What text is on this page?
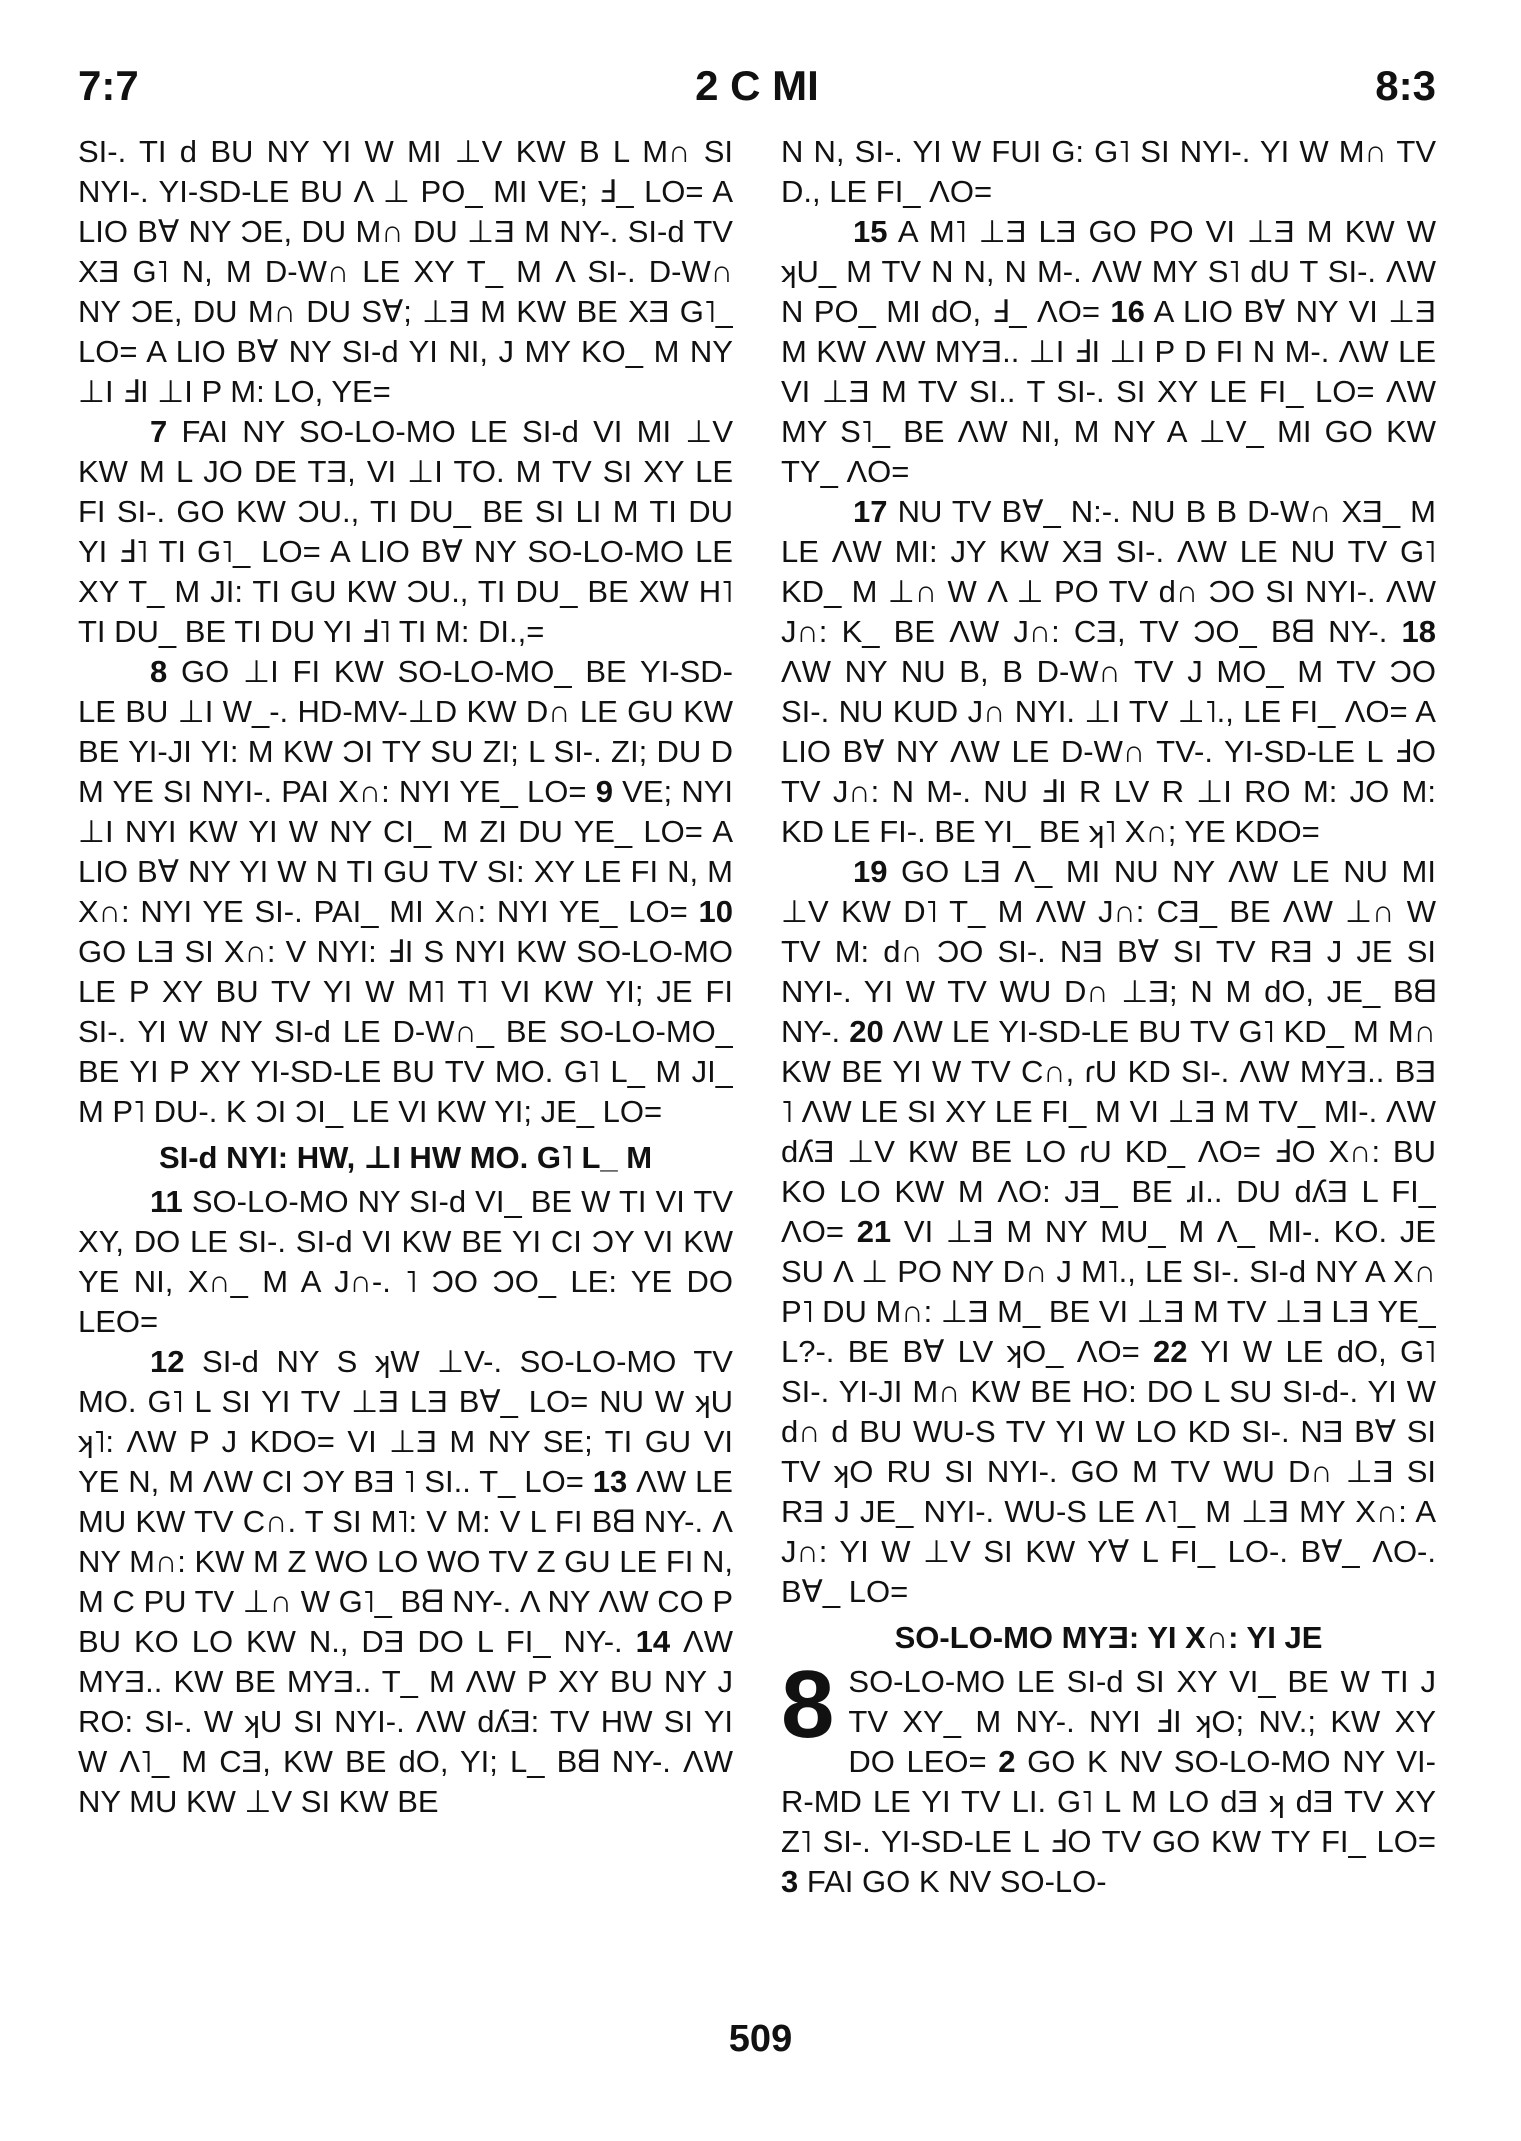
7:7	2 C MI	8:3

SI-. TI d BU NY YI W MI ⊥V KW B L M∩ SI NYI-. YI-SD-LE BU Λ ⊥ PO_ MI VE; Ⅎ_ LO= A LIO B∀ NY ƆE, DU M∩ DU ⊥Ǝ M NY-. SI-d TV XƎ G˥ N, M D-W∩ LE XY T_ M Λ SI-. D-W∩ NY ƆE, DU M∩ DU S∀; ⊥Ǝ M KW BE XƎ G˥_ LO= A LIO B∀ NY SI-d YI NI, J MY KO_ M NY ⊥I ℲI ⊥I P M: LO, YE=

7 FAI NY SO-LO-MO LE SI-d VI MI ⊥V KW M L JO DE TƎ, VI ⊥I TO. M TV SI XY LE FI SI-. GO KW ƆU., TI DU_ BE SI LI M TI DU YI Ⅎ˥ TI G˥_ LO= A LIO B∀ NY SO-LO-MO LE XY T_ M JI: TI GU KW ƆU., TI DU_ BE XW H˥ TI DU_ BE TI DU YI Ⅎ˥ TI M: DI.,=

8 GO ⊥I FI KW SO-LO-MO_ BE YI-SD-LE BU ⊥I W_-. HD-MV-⊥D KW D∩ LE GU KW BE YI-JI YI: M KW ƆI TY SU ZI; L SI-. ZI; DU D M YE SI NYI-. PAI X∩: NYI YE_ LO= 9 VE; NYI ⊥I NYI KW YI W NY CI_ M ZI DU YE_ LO= A LIO B∀ NY YI W N TI GU TV SI: XY LE FI N, M X∩: NYI YE SI-. PAI_ MI X∩: NYI YE_ LO= 10 GO LƎ SI X∩: V NYI: ℲI S NYI KW SO-LO-MO LE P XY BU TV YI W M˥ T˥ VI KW YI; JE FI SI-. YI W NY SI-d LE D-W∩_ BE SO-LO-MO_ BE YI P XY YI-SD-LE BU TV MO. G˥ L_ M JI_ M P˥ DU-. K ƆI ƆI_ LE VI KW YI; JE_ LO=

SI-d NYI: HW, ⊥I HW MO. G˥ L_ M

11 SO-LO-MO NY SI-d VI_ BE W TI VI TV XY, DO LE SI-. SI-d VI KW BE YI CI ƆY VI KW YE NI, X∩_ M A J∩-. ˥ ƆO ƆO_ LE: YE DO LEO=

12 SI-d NY S ʞW ⊥V-. SO-LO-MO TV MO. G˥ L SI YI TV ⊥Ǝ LƎ B∀_ LO= NU W ʞU ʞ˥: ΛW P J KDO= VI ⊥Ǝ M NY SE; TI GU VI YE N, M ΛW CI ƆY BƎ ˥ SI.. T_ LO= 13 ΛW LE MU KW TV C∩. T SI M˥: V M: V L FI Bᗺ NY-. Λ NY M∩: KW M Z WO LO WO TV Z GU LE FI N, M C PU TV ⊥∩ W G˥_ Bᗺ NY-. Λ NY ΛW CO P BU KO LO KW N., DƎ DO L FI_ NY-. 14 ΛW MYƎ.. KW BE MYƎ.. T_ M ΛW P XY BU NY J RO: SI-. W ʞU SI NYI-. ΛW dʎƎ: TV HW SI YI W Λ˥_ M CƎ, KW BE dO, YI; L_ Bᗺ NY-. ΛW NY MU KW ⊥V SI KW BE

N N, SI-. YI W FUI G: G˥ SI NYI-. YI W M∩ TV D., LE FI_ ΛO=

15 A M˥ ⊥Ǝ LƎ GO PO VI ⊥Ǝ M KW W ʞU_ M TV N N, N M-. ΛW MY S˥ dU T SI-. ΛW N PO_ MI dO, Ⅎ_ ΛO= 16 A LIO B∀ NY VI ⊥Ǝ M KW ΛW MYƎ.. ⊥I ℲI ⊥I P D FI N M-. ΛW LE VI ⊥Ǝ M TV SI.. T SI-. SI XY LE FI_ LO= ΛW MY S˥_ BE ΛW NI, M NY A ⊥V_ MI GO KW TY_ ΛO=

17 NU TV B∀_ N:-. NU B B D-W∩ XƎ_ M LE ΛW MI: JY KW XƎ SI-. ΛW LE NU TV G˥ KD_ M ⊥∩ W Λ ⊥ PO TV d∩ ƆO SI NYI-. ΛW J∩: K_ BE ΛW J∩: CƎ, TV ƆO_ Bᗺ NY-. 18 ΛW NY NU B, B D-W∩ TV J MO_ M TV ƆO SI-. NU KUD J∩ NYI. ⊥I TV ⊥˥., LE FI_ ΛO= A LIO B∀ NY ΛW LE D-W∩ TV-. YI-SD-LE L ℲO TV J∩: N M-. NU ℲI R LV R ⊥I RO M: JO M: KD LE FI-. BE YI_ BE ʞ˥ X∩; YE KDO=

19 GO LƎ Λ_ MI NU NY ΛW LE NU MI ⊥V KW D˥ T_ M ΛW J∩: CƎ_ BE ΛW ⊥∩ W TV M: d∩ ƆO SI-. NƎ B∀ SI TV RƎ J JE SI NYI-. YI W TV WU D∩ ⊥Ǝ; N M dO, JE_ Bᗺ NY-. 20 ΛW LE YI-SD-LE BU TV G˥ KD_ M M∩ KW BE YI W TV C∩, ɾU KD SI-. ΛW MYƎ.. BƎ ˥ ΛW LE SI XY LE FI_ M VI ⊥Ǝ M TV_ MI-. ΛW dʎƎ ⊥V KW BE LO ɾU KD_ ΛO= ℲO X∩: BU KO LO KW M ΛO: JƎ_ BE ɹI.. DU dʎƎ L FI_ ΛO= 21 VI ⊥Ǝ M NY MU_ M Λ_ MI-. KO. JE SU Λ ⊥ PO NY D∩ J M˥., LE SI-. SI-d NY A X∩ P˥ DU M∩: ⊥Ǝ M_ BE VI ⊥Ǝ M TV ⊥Ǝ LƎ YE_ L?-. BE B∀ LV ʞO_ ΛO= 22 YI W LE dO, G˥ SI-. YI-JI M∩ KW BE HO: DO L SU SI-d-. YI W d∩ d BU WU-S TV YI W LO KD SI-. NƎ B∀ SI TV ʞO RU SI NYI-. GO M TV WU D∩ ⊥Ǝ SI RƎ J JE_ NYI-. WU-S LE Λ˥_ M ⊥Ǝ MY X∩: A J∩: YI W ⊥V SI KW Y∀ L FI_ LO-. B∀_ ΛO-. B∀_ LO=

SO-LO-MO MYƎ: YI X∩: YI JE

8 SO-LO-MO LE SI-d SI XY VI_ BE W TI J TV XY_ M NY-. NYI ℲI ʞO; NV.; KW XY DO LEO= 2 GO K NV SO-LO-MO NY VI-R-MD LE YI TV LI. G˥ L M LO dƎ ʞ dƎ TV XY Z˥ SI-. YI-SD-LE L ℲO TV GO KW TY FI_ LO= 3 FAI GO K NV SO-LO-

509
